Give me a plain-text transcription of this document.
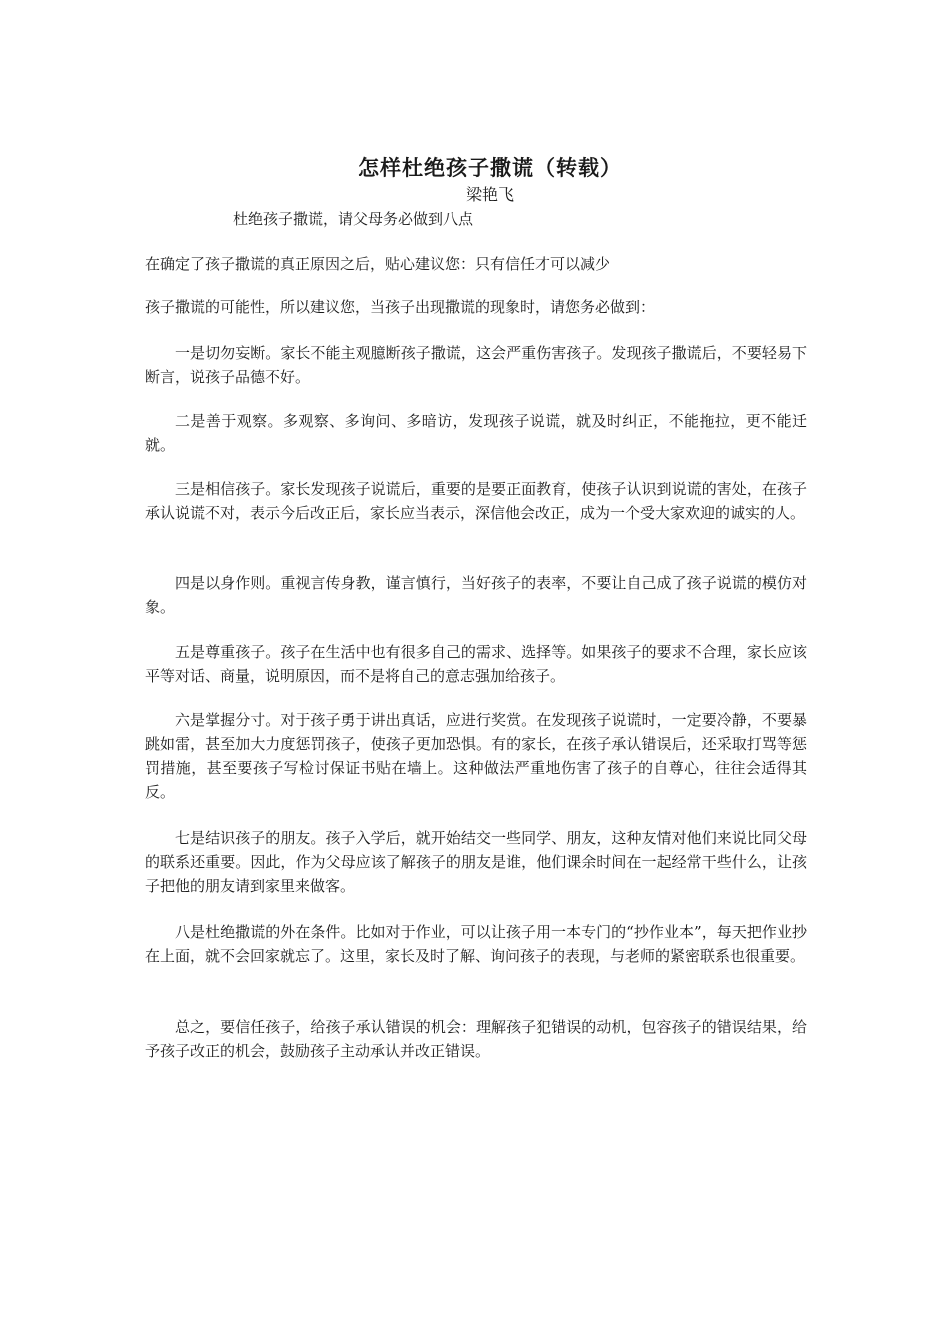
怎样杜绝孩子撒谎（转载）
梁艳飞
杜绝孩子撒谎，请父母务必做到八点
在确定了孩子撒谎的真正原因之后，贴心建议您：只有信任才可以减少
孩子撒谎的可能性，所以建议您，当孩子出现撒谎的现象时，请您务必做到：

一是切勿妄断。家长不能主观臆断孩子撒谎，这会严重伤害孩子。发现孩子撒谎后，不要轻易下断言，说孩子品德不好。

二是善于观察。多观察、多询问、多暗访，发现孩子说谎，就及时纠正，不能拖拉，更不能迁就。

三是相信孩子。家长发现孩子说谎后，重要的是要正面教育，使孩子认识到说谎的害处，在孩子承认说谎不对，表示今后改正后，家长应当表示，深信他会改正，成为一个受大家欢迎的诚实的人。

四是以身作则。重视言传身教，谨言慎行，当好孩子的表率，不要让自己成了孩子说谎的模仿对象。

五是尊重孩子。孩子在生活中也有很多自己的需求、选择等。如果孩子的要求不合理，家长应该平等对话、商量，说明原因，而不是将自己的意志强加给孩子。

六是掌握分寸。对于孩子勇于讲出真话，应进行奖赏。在发现孩子说谎时，一定要冷静，不要暴跳如雷，甚至加大力度惩罚孩子，使孩子更加恐惧。有的家长，在孩子承认错误后，还采取打骂等惩罚措施，甚至要孩子写检讨保证书贴在墙上。这种做法严重地伤害了孩子的自尊心，往往会适得其反。

七是结识孩子的朋友。孩子入学后，就开始结交一些同学、朋友，这种友情对他们来说比同父母的联系还重要。因此，作为父母应该了解孩子的朋友是谁，他们课余时间在一起经常干些什么，让孩子把他的朋友请到家里来做客。

八是杜绝撒谎的外在条件。比如对于作业，可以让孩子用一本专门的“抄作业本”，每天把作业抄在上面，就不会回家就忘了。这里，家长及时了解、询问孩子的表现，与老师的紧密联系也很重要。

总之，要信任孩子，给孩子承认错误的机会：理解孩子犯错误的动机，包容孩子的错误结果，给予孩子改正的机会，鼓励孩子主动承认并改正错误。
